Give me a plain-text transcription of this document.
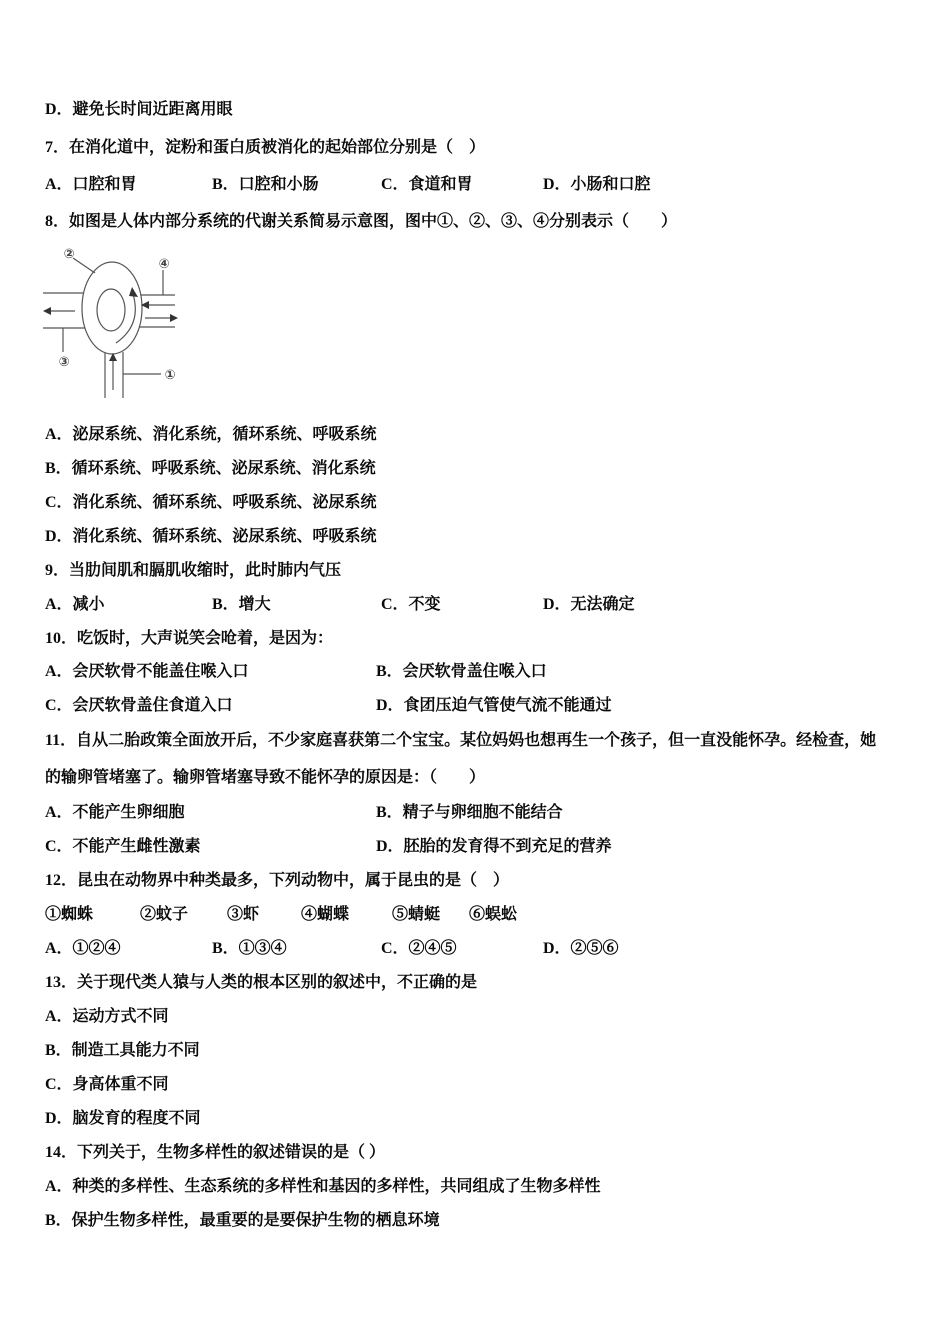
D．避免长时间近距离用眼
7．在消化道中，淀粉和蛋白质被消化的起始部位分别是（　）
A．口腔和胃	B．口腔和小肠	C．食道和胃	D．小肠和口腔
8．如图是人体内部分系统的代谢关系简易示意图，图中①、②、③、④分别表示（　　）
②
④
③
①
A．泌尿系统、消化系统，循环系统、呼吸系统
B．循环系统、呼吸系统、泌尿系统、消化系统
C．消化系统、循环系统、呼吸系统、泌尿系统
D．消化系统、循环系统、泌尿系统、呼吸系统
9．当肋间肌和膈肌收缩时，此时肺内气压
A．减小	B．增大	C．不变	D．无法确定
10．吃饭时，大声说笑会呛着，是因为：
A．会厌软骨不能盖住喉入口	B．会厌软骨盖住喉入口
C．会厌软骨盖住食道入口	D．食团压迫气管使气流不能通过
11．自从二胎政策全面放开后，不少家庭喜获第二个宝宝。某位妈妈也想再生一个孩子，但一直没能怀孕。经检查，她
的输卵管堵塞了。输卵管堵塞导致不能怀孕的原因是：（　　）
A．不能产生卵细胞	B．精子与卵细胞不能结合
C．不能产生雌性激素	D．胚胎的发育得不到充足的营养
12．昆虫在动物界中种类最多，下列动物中，属于昆虫的是（　）
①蜘蛛	②蚊子 ③虾	④蝴蝶	⑤蜻蜓 ⑥蜈蚣
A．①②④	B．①③④	C．②④⑤	D．②⑤⑥
13．关于现代类人猿与人类的根本区别的叙述中，不正确的是
A．运动方式不同
B．制造工具能力不同
C．身高体重不同
D．脑发育的程度不同
14．下列关于，生物多样性的叙述错误的是（ ）
A．种类的多样性、生态系统的多样性和基因的多样性，共同组成了生物多样性
B．保护生物多样性，最重要的是要保护生物的栖息环境
